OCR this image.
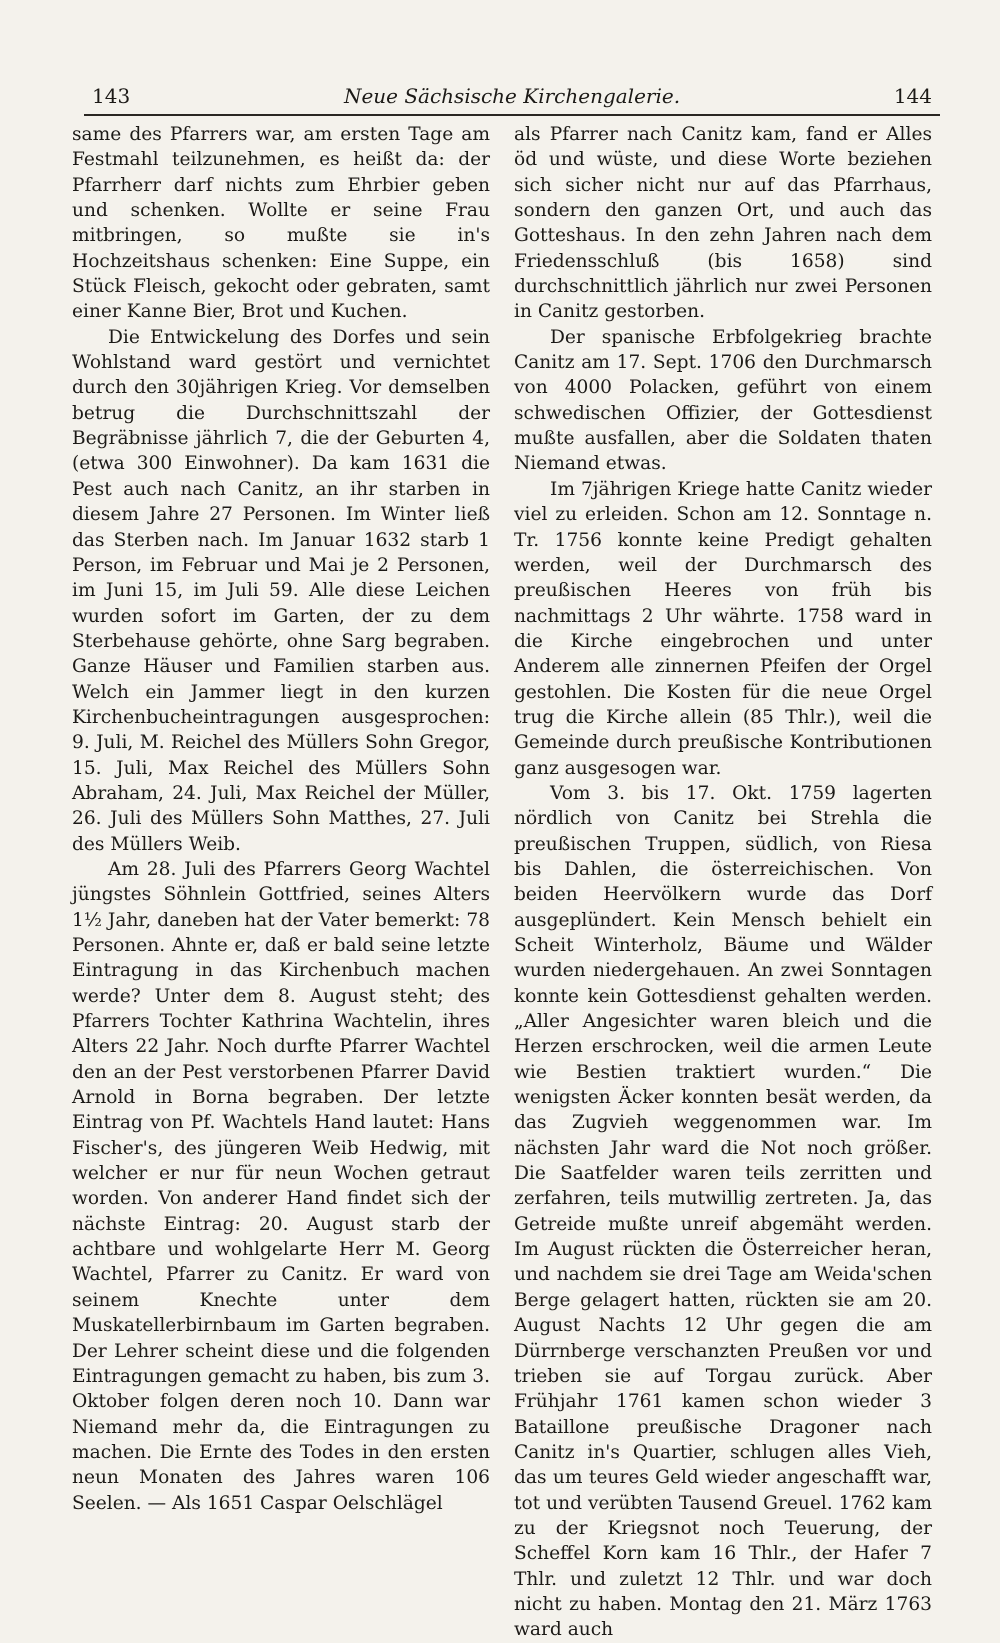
143	Neue Sächsische Kirchengalerie.	144

same des Pfarrers war, am ersten Tage am Festmahl teilzunehmen, es heißt da: der Pfarrherr darf nichts zum Ehrbier geben und schenken. Wollte er seine Frau mitbringen, so mußte sie in's Hochzeitshaus schenken: Eine Suppe, ein Stück Fleisch, gekocht oder gebraten, samt einer Kanne Bier, Brot und Kuchen.

Die Entwickelung des Dorfes und sein Wohlstand ward gestört und vernichtet durch den 30jährigen Krieg. Vor demselben betrug die Durchschnittszahl der Begräbnisse jährlich 7, die der Geburten 4, (etwa 300 Einwohner). Da kam 1631 die Pest auch nach Canitz, an ihr starben in diesem Jahre 27 Personen. Im Winter ließ das Sterben nach. Im Januar 1632 starb 1 Person, im Februar und Mai je 2 Personen, im Juni 15, im Juli 59. Alle diese Leichen wurden sofort im Garten, der zu dem Sterbehause gehörte, ohne Sarg begraben. Ganze Häuser und Familien starben aus. Welch ein Jammer liegt in den kurzen Kirchenbucheintragungen ausgesprochen: 9. Juli, M. Reichel des Müllers Sohn Gregor, 15. Juli, Max Reichel des Müllers Sohn Abraham, 24. Juli, Max Reichel der Müller, 26. Juli des Müllers Sohn Matthes, 27. Juli des Müllers Weib.

Am 28. Juli des Pfarrers Georg Wachtel jüngstes Söhnlein Gottfried, seines Alters 1½ Jahr, daneben hat der Vater bemerkt: 78 Personen. Ahnte er, daß er bald seine letzte Eintragung in das Kirchenbuch machen werde? Unter dem 8. August steht; des Pfarrers Tochter Kathrina Wachtelin, ihres Alters 22 Jahr. Noch durfte Pfarrer Wachtel den an der Pest verstorbenen Pfarrer David Arnold in Borna begraben. Der letzte Eintrag von Pf. Wachtels Hand lautet: Hans Fischer's, des jüngeren Weib Hedwig, mit welcher er nur für neun Wochen getraut worden. Von anderer Hand findet sich der nächste Eintrag: 20. August starb der achtbare und wohlgelarte Herr M. Georg Wachtel, Pfarrer zu Canitz. Er ward von seinem Knechte unter dem Muskatellerbirnbaum im Garten begraben. Der Lehrer scheint diese und die folgenden Eintragungen gemacht zu haben, bis zum 3. Oktober folgen deren noch 10. Dann war Niemand mehr da, die Eintragungen zu machen. Die Ernte des Todes in den ersten neun Monaten des Jahres waren 106 Seelen. — Als 1651 Caspar Oelschlägel

als Pfarrer nach Canitz kam, fand er Alles öd und wüste, und diese Worte beziehen sich sicher nicht nur auf das Pfarrhaus, sondern den ganzen Ort, und auch das Gotteshaus. In den zehn Jahren nach dem Friedensschluß (bis 1658) sind durchschnittlich jährlich nur zwei Personen in Canitz gestorben.

Der spanische Erbfolgekrieg brachte Canitz am 17. Sept. 1706 den Durchmarsch von 4000 Polacken, geführt von einem schwedischen Offizier, der Gottesdienst mußte ausfallen, aber die Soldaten thaten Niemand etwas.

Im 7jährigen Kriege hatte Canitz wieder viel zu erleiden. Schon am 12. Sonntage n. Tr. 1756 konnte keine Predigt gehalten werden, weil der Durchmarsch des preußischen Heeres von früh bis nachmittags 2 Uhr währte. 1758 ward in die Kirche eingebrochen und unter Anderem alle zinnernen Pfeifen der Orgel gestohlen. Die Kosten für die neue Orgel trug die Kirche allein (85 Thlr.), weil die Gemeinde durch preußische Kontributionen ganz ausgesogen war.

Vom 3. bis 17. Okt. 1759 lagerten nördlich von Canitz bei Strehla die preußischen Truppen, südlich, von Riesa bis Dahlen, die österreichischen. Von beiden Heervölkern wurde das Dorf ausgeplündert. Kein Mensch behielt ein Scheit Winterholz, Bäume und Wälder wurden niedergehauen. An zwei Sonntagen konnte kein Gottesdienst gehalten werden. „Aller Angesichter waren bleich und die Herzen erschrocken, weil die armen Leute wie Bestien traktiert wurden.“ Die wenigsten Äcker konnten besät werden, da das Zugvieh weggenommen war. Im nächsten Jahr ward die Not noch größer. Die Saatfelder waren teils zerritten und zerfahren, teils mutwillig zertreten. Ja, das Getreide mußte unreif abgemäht werden. Im August rückten die Österreicher heran, und nachdem sie drei Tage am Weida'schen Berge gelagert hatten, rückten sie am 20. August Nachts 12 Uhr gegen die am Dürrnberge verschanzten Preußen vor und trieben sie auf Torgau zurück. Aber Frühjahr 1761 kamen schon wieder 3 Bataillone preußische Dragoner nach Canitz in's Quartier, schlugen alles Vieh, das um teures Geld wieder angeschafft war, tot und verübten Tausend Greuel. 1762 kam zu der Kriegsnot noch Teuerung, der Scheffel Korn kam 16 Thlr., der Hafer 7 Thlr. und zuletzt 12 Thlr. und war doch nicht zu haben. Montag den 21. März 1763 ward auch
